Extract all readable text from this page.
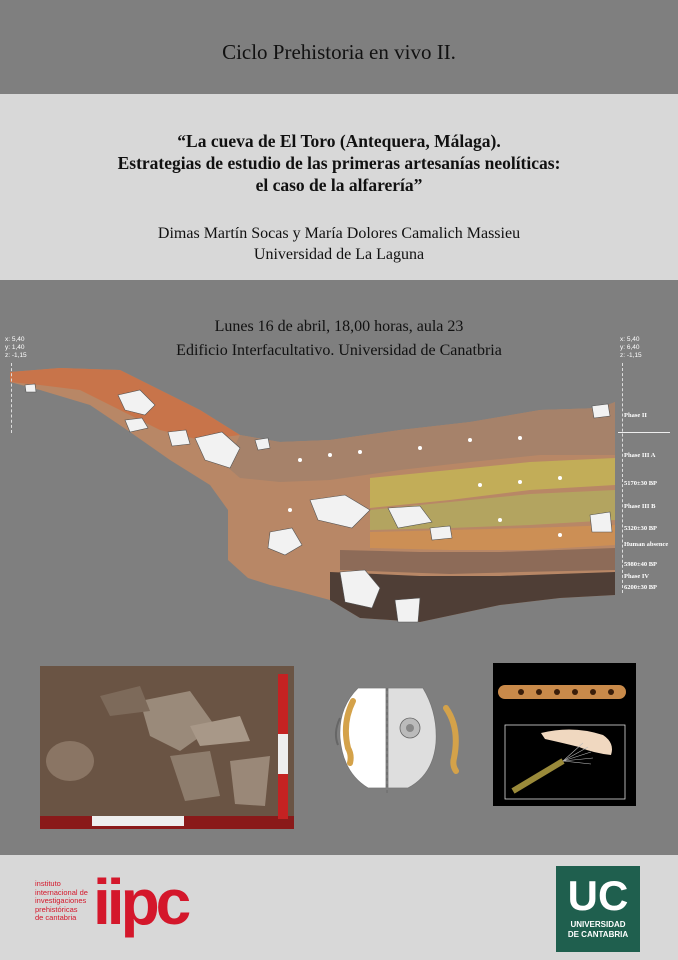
Ciclo Prehistoria en vivo II.
“La cueva de El Toro (Antequera, Málaga).
Estrategias de estudio de las primeras artesanías neolíticas:
el caso de la alfarería”
Dimas Martín Socas y María Dolores Camalich Massieu
Universidad de La Laguna
Lunes 16 de abril, 18,00 horas, aula 23
Edificio Interfacultativo. Universidad de Canatbria
x: 5,40
y: 1,40
z: -1,15
x: 5,40
y: 6,40
z: -1,15
Phase II
Phase III A
5170±30 BP
Phase III B
5320±30 BP
Human absence
5980±40 BP
Phase IV
6200±30 BP
instituto
internacional de
investigaciones
prehistóricas
de cantabria iipc	UC
UNIVERSIDAD
DE CANTABRIA
